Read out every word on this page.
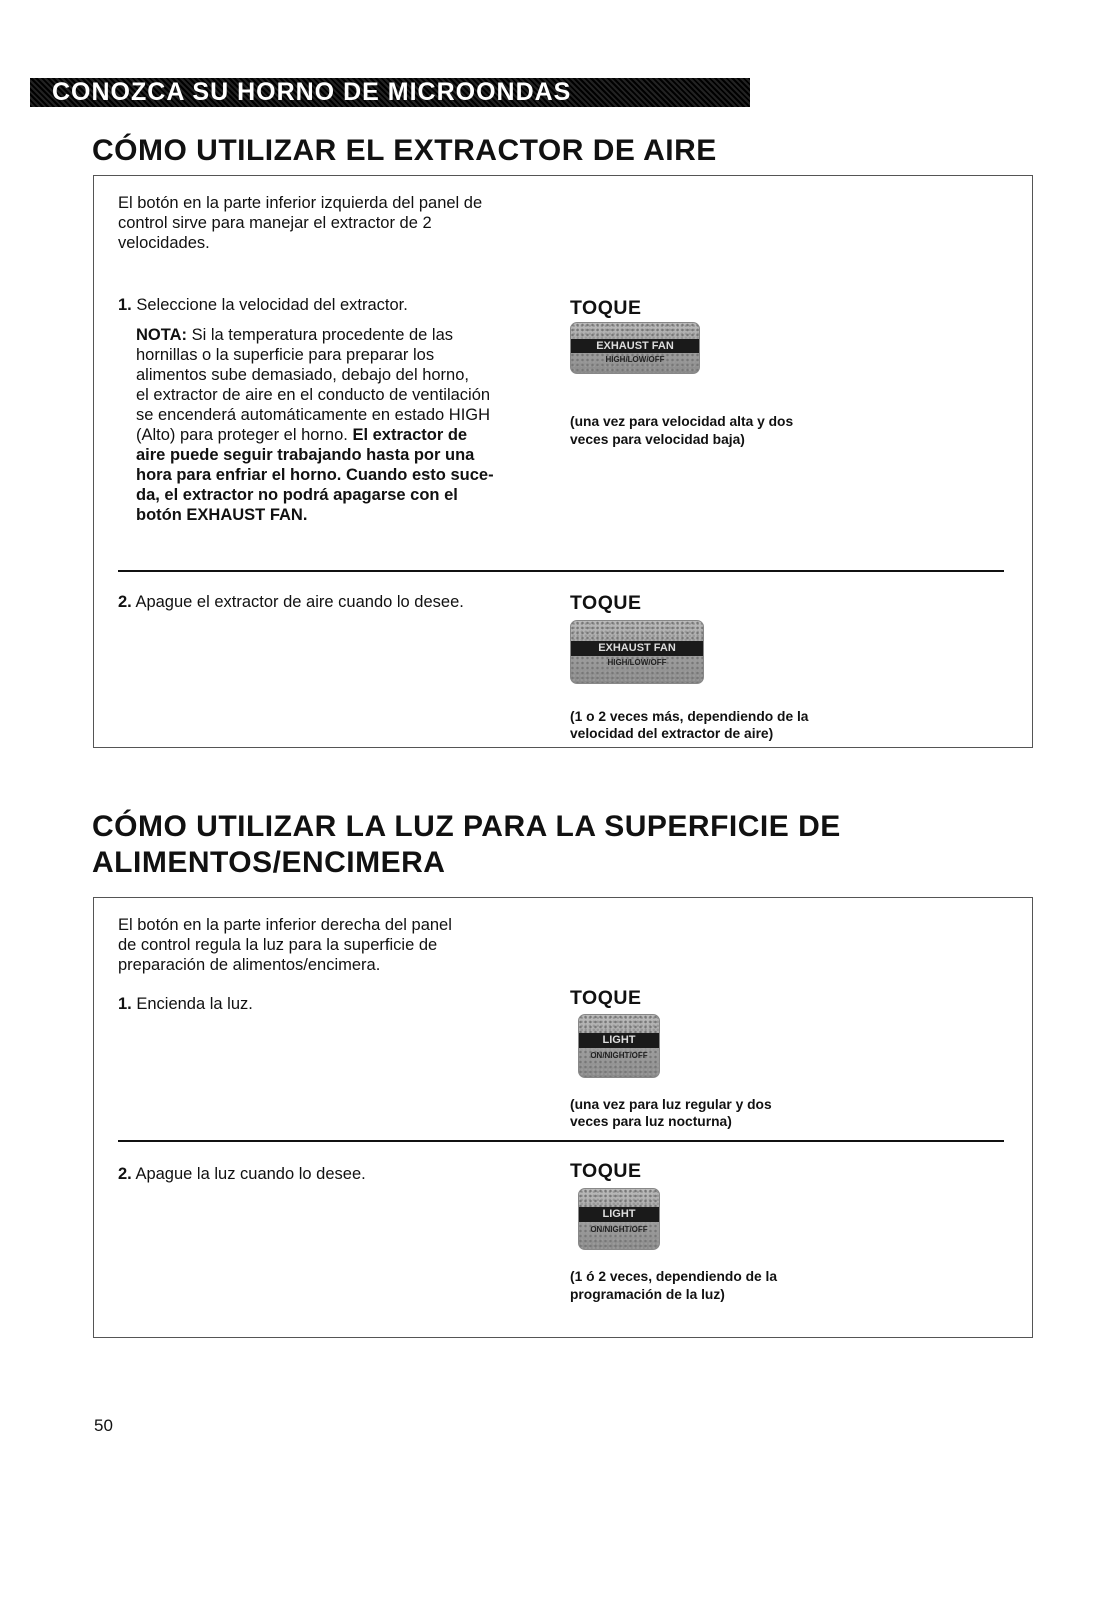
CONOZCA SU HORNO DE MICROONDAS
CÓMO UTILIZAR EL EXTRACTOR DE AIRE

El botón en la parte inferior izquierda del panel de

control sirve para manejar el extractor de 2

velocidades.

1. Seleccione la velocidad del extractor.

NOTA: Si la temperatura procedente de las

hornillas o la superficie para preparar los

alimentos sube demasiado, debajo del horno,

el extractor de aire en el conducto de ventilación

se encenderá automáticamente en estado HIGH

(Alto) para proteger el horno. El extractor de

aire puede seguir trabajando hasta por una

hora para enfriar el horno. Cuando esto suce-

da, el extractor no podrá apagarse con el

botón EXHAUST FAN.

TOQUE

EXHAUST FAN
HIGH/LOW/OFF

(una vez para velocidad alta y dos

veces para velocidad baja)

2. Apague el extractor de aire cuando lo desee.	TOQUE

EXHAUST FAN
HIGH/LOW/OFF

(1 o 2 veces más, dependiendo de la

velocidad del extractor de aire)

CÓMO UTILIZAR LA LUZ PARA LA SUPERFICIE DE
ALIMENTOS/ENCIMERA

El botón en la parte inferior derecha del panel

de control regula la luz para la superficie de

preparación de alimentos/encimera.

1. Encienda la luz.	TOQUE

LIGHT
ON/NIGHT/OFF

(una vez para luz regular y dos

veces para luz nocturna)

2. Apague la luz cuando lo desee.	TOQUE

LIGHT
ON/NIGHT/OFF

(1 ó 2 veces, dependiendo de la

programación de la luz)

50
